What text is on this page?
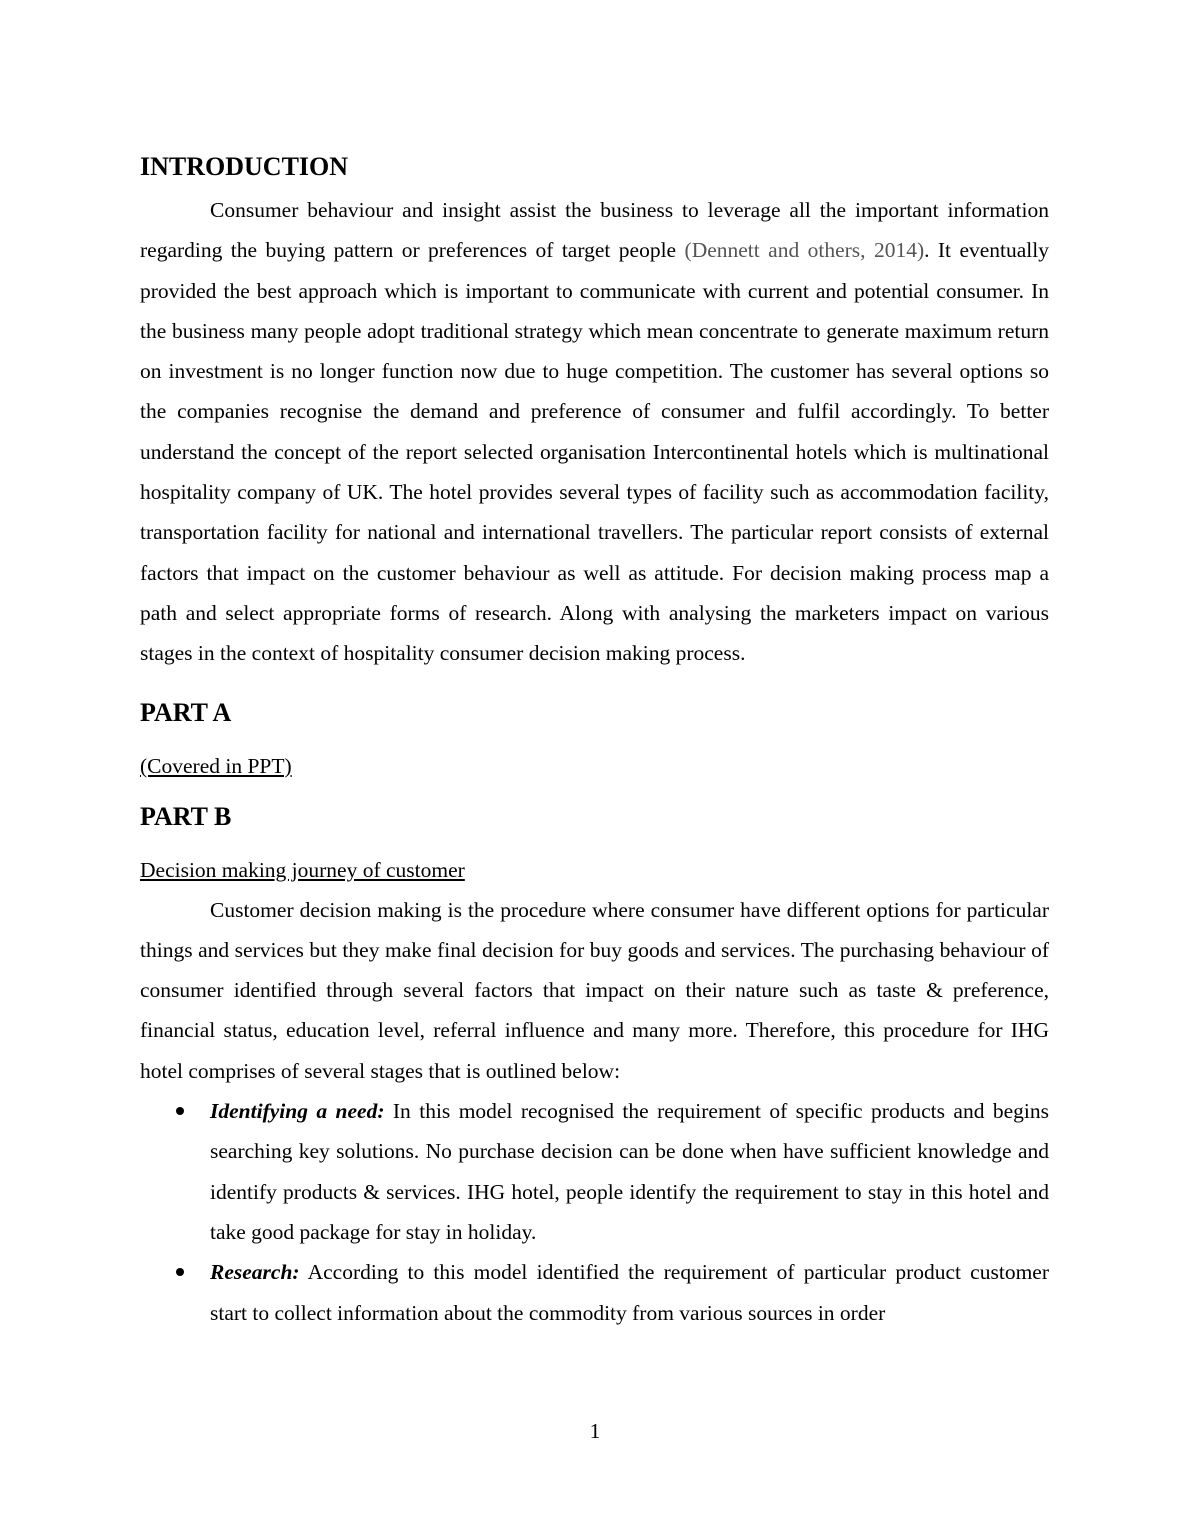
INTRODUCTION

Consumer behaviour and insight assist the business to leverage all the important information regarding the buying pattern or preferences of target people (Dennett and others, 2014). It eventually provided the best approach which is important to communicate with current and potential consumer. In the business many people adopt traditional strategy which mean concentrate to generate maximum return on investment is no longer function now due to huge competition. The customer has several options so the companies recognise the demand and preference of consumer and fulfil accordingly. To better understand the concept of the report selected organisation Intercontinental hotels which is multinational hospitality company of UK. The hotel provides several types of facility such as accommodation facility, transportation facility for national and international travellers. The particular report consists of external factors that impact on the customer behaviour as well as attitude. For decision making process map a path and select appropriate forms of research. Along with analysing the marketers impact on various stages in the context of hospitality consumer decision making process.

PART A

(Covered in PPT)

PART B

Decision making journey of customer

Customer decision making is the procedure where consumer have different options for particular things and services but they make final decision for buy goods and services. The purchasing behaviour of consumer identified through several factors that impact on their nature such as taste & preference, financial status, education level, referral influence and many more. Therefore, this procedure for IHG hotel comprises of several stages that is outlined below:

Identifying a need: In this model recognised the requirement of specific products and begins searching key solutions. No purchase decision can be done when have sufficient knowledge and identify products & services. IHG hotel, people identify the requirement to stay in this hotel and take good package for stay in holiday.
Research: According to this model identified the requirement of particular product customer start to collect information about the commodity from various sources in order
1
